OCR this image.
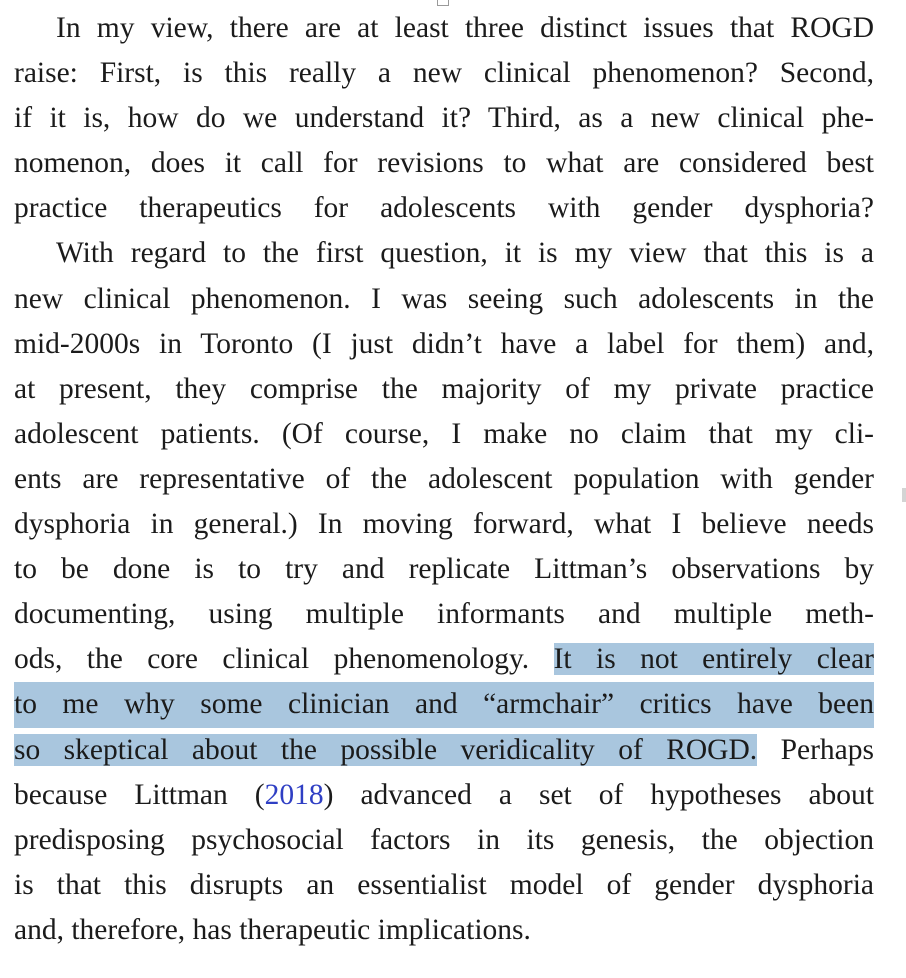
In my view, there are at least three distinct issues that ROGD
raise: First, is this really a new clinical phenomenon? Second,
if it is, how do we understand it? Third, as a new clinical phe-
nomenon, does it call for revisions to what are considered best
practice therapeutics for adolescents with gender dysphoria?
With regard to the first question, it is my view that this is a
new clinical phenomenon. I was seeing such adolescents in the
mid-2000s in Toronto (I just didn’t have a label for them) and,
at present, they comprise the majority of my private practice
adolescent patients. (Of course, I make no claim that my cli-
ents are representative of the adolescent population with gender
dysphoria in general.) In moving forward, what I believe needs
to be done is to try and replicate Littman’s observations by
documenting, using multiple informants and multiple meth-
ods, the core clinical phenomenology. It is not entirely clear
to me why some clinician and “armchair” critics have been
so skeptical about the possible veridicality of ROGD. Perhaps
because Littman (2018) advanced a set of hypotheses about
predisposing psychosocial factors in its genesis, the objection
is that this disrupts an essentialist model of gender dysphoria
and, therefore, has therapeutic implications.
